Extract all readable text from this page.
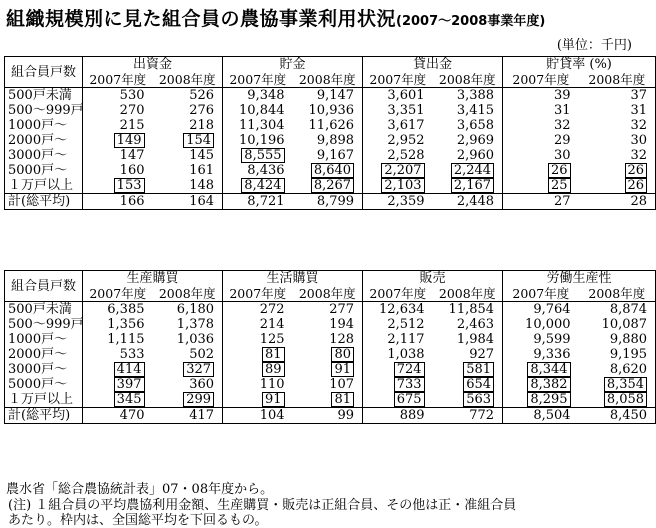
組織規模別に見た組合員の農協事業利用状況(2007～2008事業年度)
(単位：千円)
組合員戸数	出資金		貯金		貸出金		貯貸率 (%)	
	2007年度	2008年度	2007年度	2008年度	2007年度	2008年度	2007年度	2008年度
500戸未満	530	526	9,348	9,147	3,601	3,388	39	37
500～999戸	270	276	10,844	10,936	3,351	3,415	31	31
1000戸～	215	218	11,304	11,626	3,617	3,658	32	32
2000戸～	149	154	10,196	9,898	2,952	2,969	29	30
3000戸～	147	145	8,555	9,167	2,528	2,960	30	32
5000戸～	160	161	8,436	8,640	2,207	2,244	26	26
１万戸以上	153	148	8,424	8,267	2,103	2,167	25	26
計(総平均)	166	164	8,721	8,799	2,359	2,448	27	28
組合員戸数	生産購買		生活購買		販売		労働生産性	
	2007年度	2008年度	2007年度	2008年度	2007年度	2008年度	2007年度	2008年度
500戸未満	6,385	6,180	272	277	12,634	11,854	9,764	8,874
500～999戸	1,356	1,378	214	194	2,512	2,463	10,000	10,087
1000戸～	1,115	1,036	125	128	2,117	1,984	9,599	9,880
2000戸～	533	502	81	80	1,038	927	9,336	9,195
3000戸～	414	327	89	91	724	581	8,344	8,620
5000戸～	397	360	110	107	733	654	8,382	8,354
１万戸以上	345	299	91	81	675	563	8,295	8,058
計(総平均)	470	417	104	99	889	772	8,504	8,450
農水省「総合農協統計表」07・08年度から。
(注) １組合員の平均農協利用金額、生産購買・販売は正組合員、その他は正・准組合員
あたり。枠内は、全国総平均を下回るもの。
